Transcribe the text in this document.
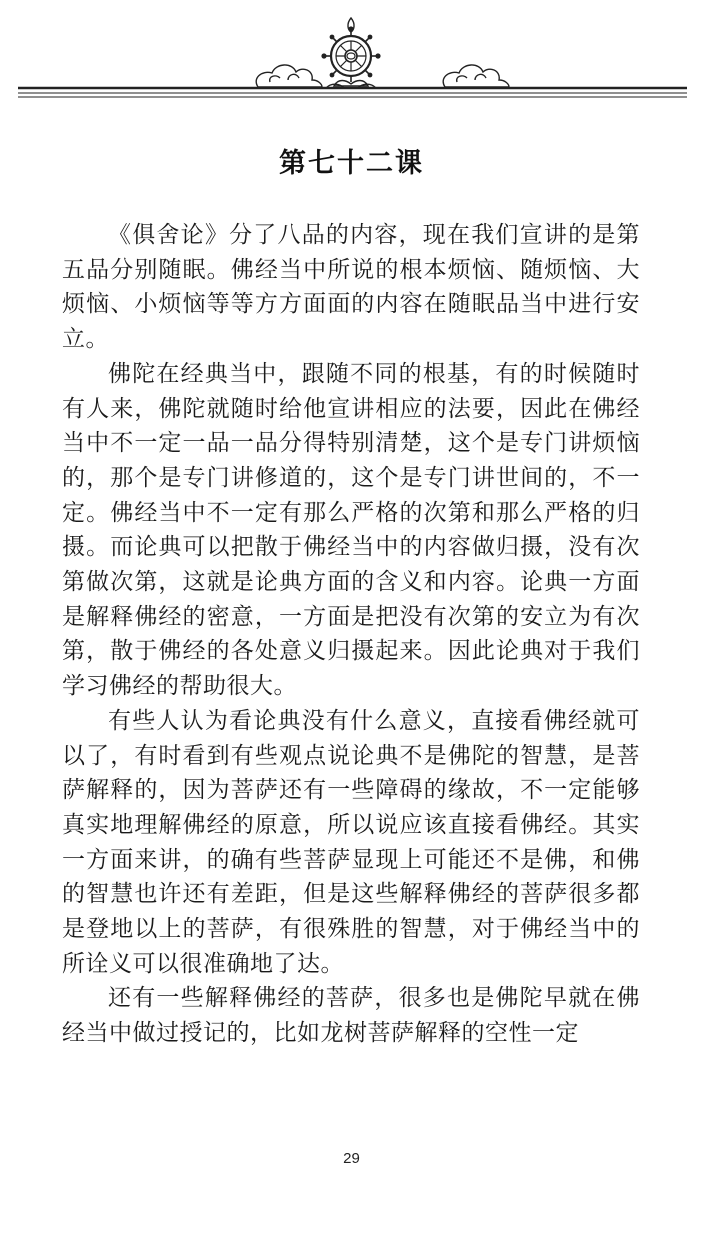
第七十二课

《俱舍论》分了八品的内容，现在我们宣讲的是第五品分别随眠。佛经当中所说的根本烦恼、随烦恼、大烦恼、小烦恼等等方方面面的内容在随眠品当中进行安立。

佛陀在经典当中，跟随不同的根基，有的时候随时有人来，佛陀就随时给他宣讲相应的法要，因此在佛经当中不一定一品一品分得特别清楚，这个是专门讲烦恼的，那个是专门讲修道的，这个是专门讲世间的，不一定。佛经当中不一定有那么严格的次第和那么严格的归摄。而论典可以把散于佛经当中的内容做归摄，没有次第做次第，这就是论典方面的含义和内容。论典一方面是解释佛经的密意，一方面是把没有次第的安立为有次第，散于佛经的各处意义归摄起来。因此论典对于我们学习佛经的帮助很大。

有些人认为看论典没有什么意义，直接看佛经就可以了，有时看到有些观点说论典不是佛陀的智慧，是菩萨解释的，因为菩萨还有一些障碍的缘故，不一定能够真实地理解佛经的原意，所以说应该直接看佛经。其实一方面来讲，的确有些菩萨显现上可能还不是佛，和佛的智慧也许还有差距，但是这些解释佛经的菩萨很多都是登地以上的菩萨，有很殊胜的智慧，对于佛经当中的所诠义可以很准确地了达。

还有一些解释佛经的菩萨，很多也是佛陀早就在佛经当中做过授记的，比如龙树菩萨解释的空性一定

29
